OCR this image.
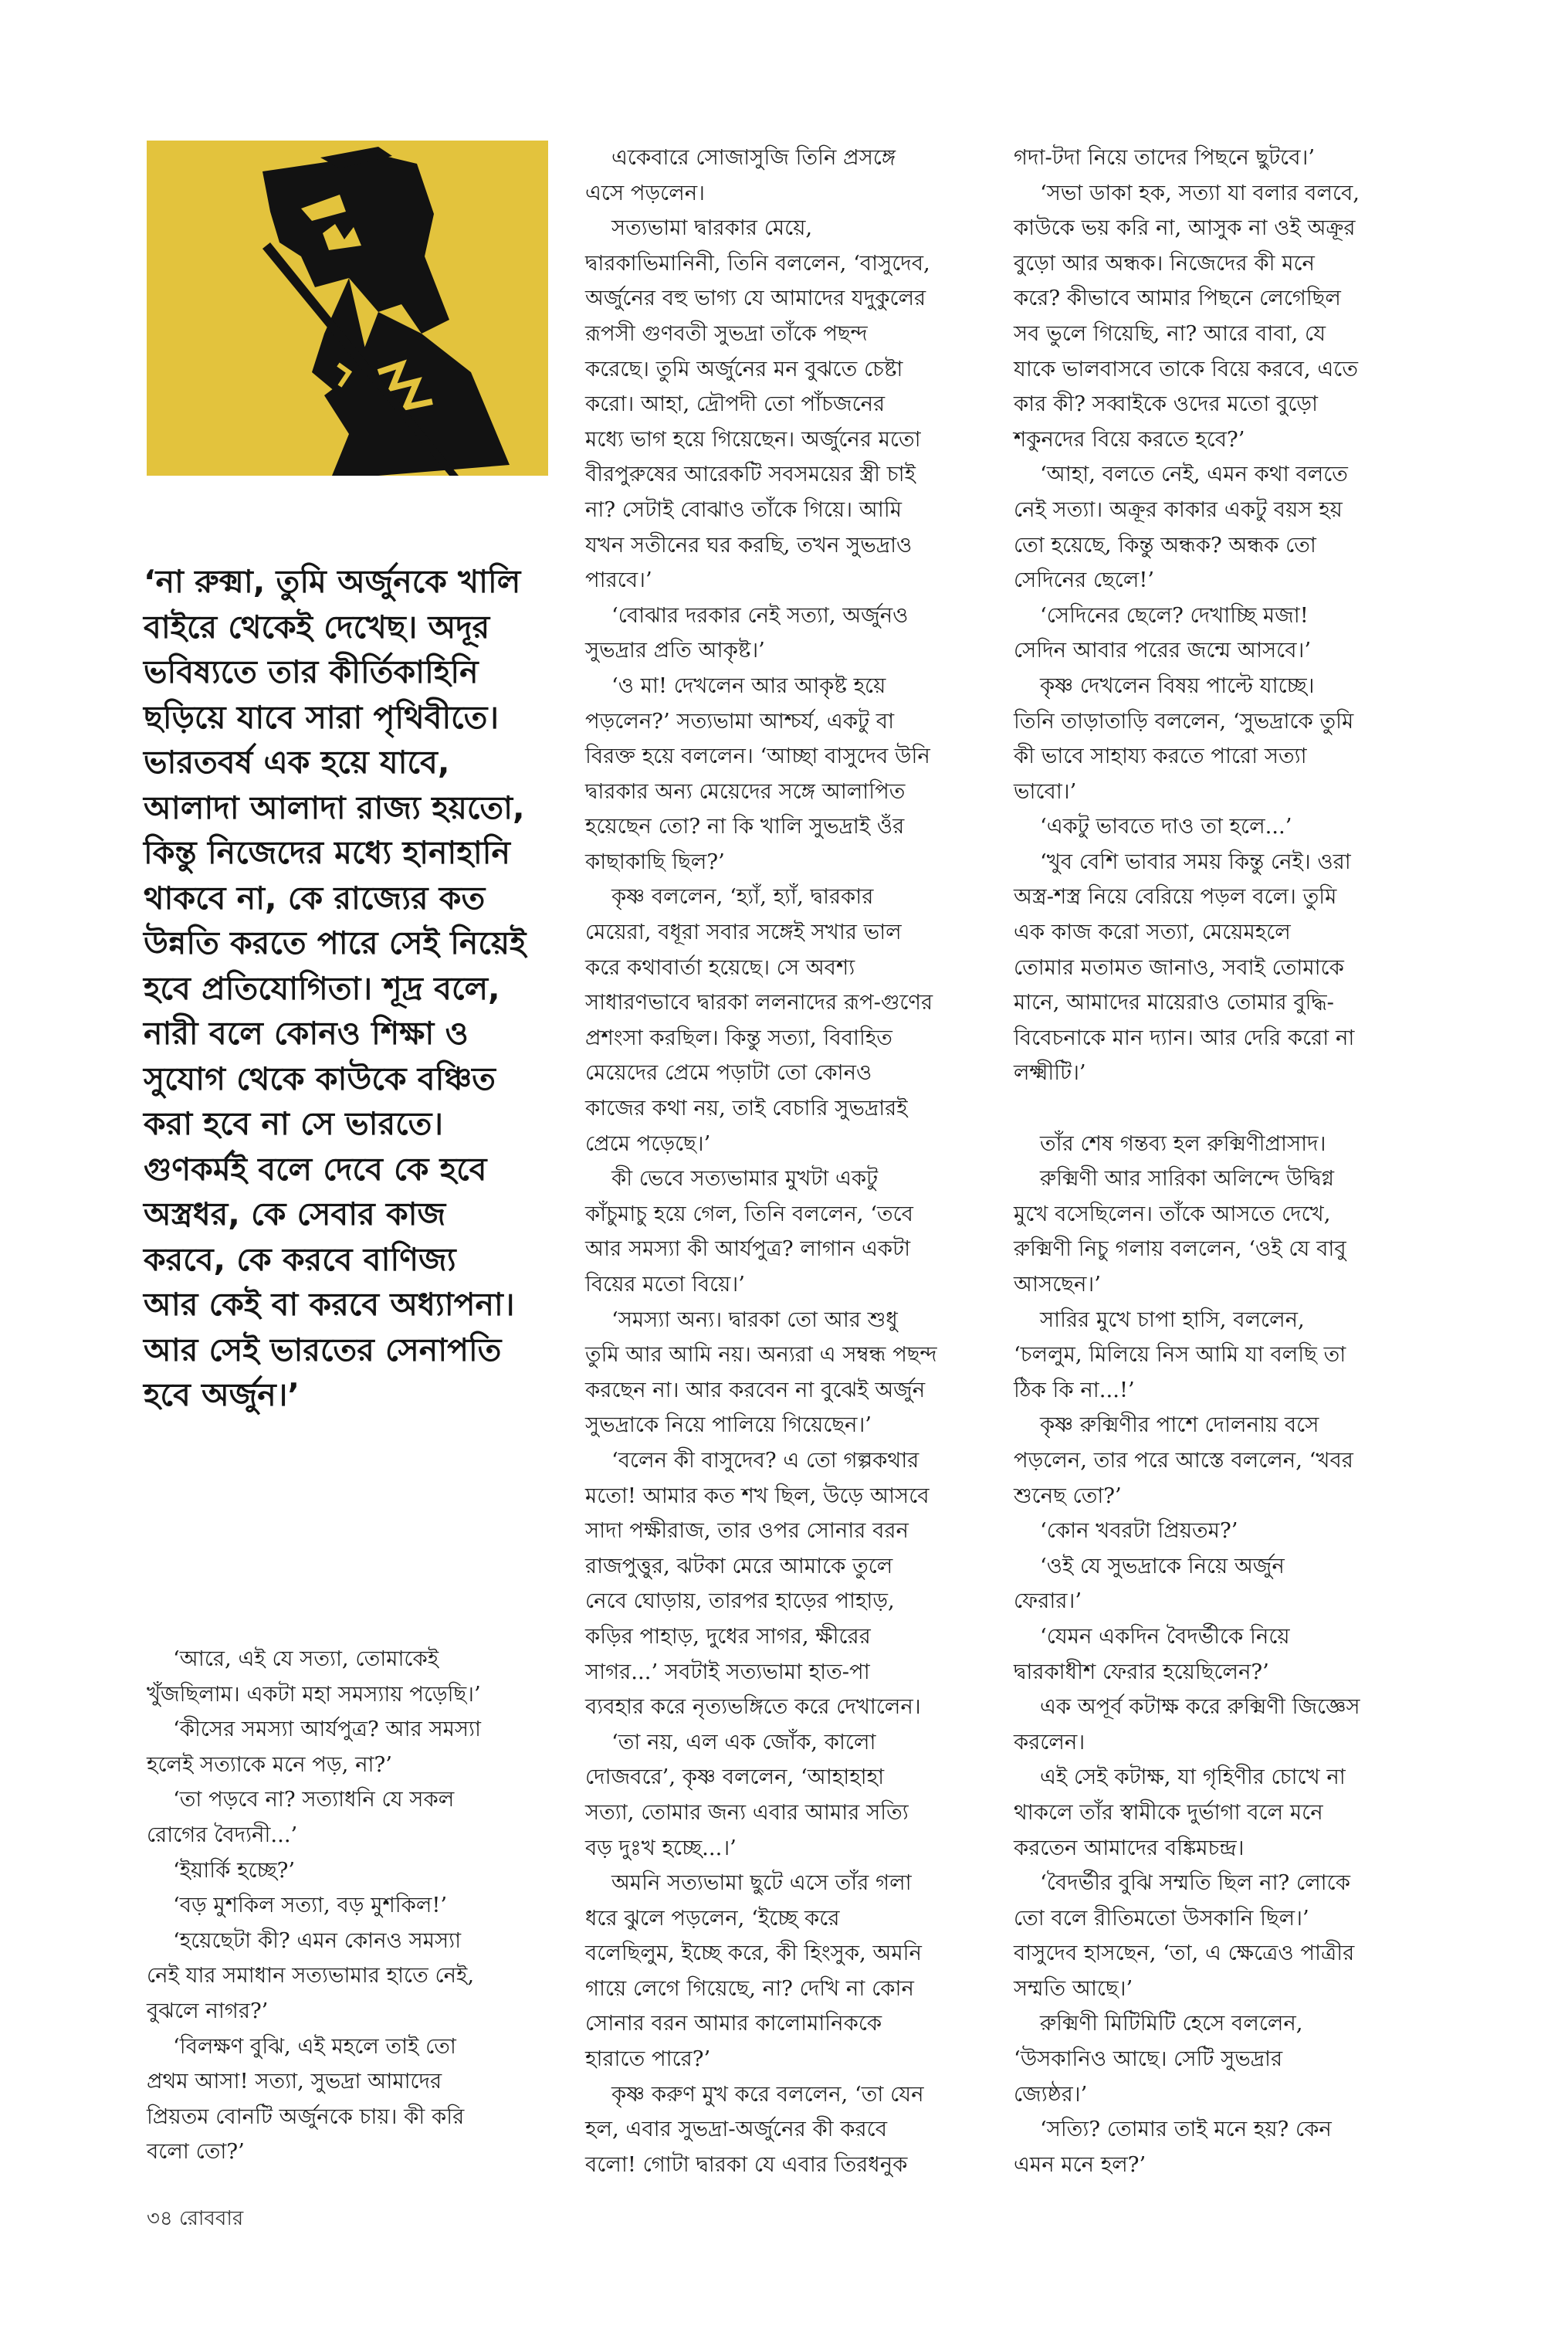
‘না রুক্মা, তুমি অর্জুনকে খালি
বাইরে থেকেই দেখেছ। অদূর
ভবিষ্যতে তার কীর্তিকাহিনি
ছড়িয়ে যাবে সারা পৃথিবীতে।
ভারতবর্ষ এক হয়ে যাবে,
আলাদা আলাদা রাজ্য হয়তো,
কিন্তু নিজেদের মধ্যে হানাহানি
থাকবে না, কে রাজ্যের কত
উন্নতি করতে পারে সেই নিয়েই
হবে প্রতিযোগিতা। শূদ্র বলে,
নারী বলে কোনও শিক্ষা ও
সুযোগ থেকে কাউকে বঞ্চিত
করা হবে না সে ভারতে।
গুণকর্মই বলে দেবে কে হবে
অস্ত্রধর, কে সেবার কাজ
করবে, কে করবে বাণিজ্য
আর কেই বা করবে অধ্যাপনা।
আর সেই ভারতের সেনাপতি
হবে অর্জুন।’
‘আরে, এই যে সত্যা, তোমাকেই
খুঁজছিলাম। একটা মহা সমস্যায় পড়েছি।’
‘কীসের সমস্যা আর্যপুত্র? আর সমস্যা
হলেই সত্যাকে মনে পড়, না?’
‘তা পড়বে না? সত্যাধনি যে সকল
রোগের বৈদ্যনী...’
‘ইয়ার্কি হচ্ছে?’
‘বড় মুশকিল সত্যা, বড় মুশকিল!’
‘হয়েছেটা কী? এমন কোনও সমস্যা
নেই যার সমাধান সত্যভামার হাতে নেই,
বুঝলে নাগর?’
‘বিলক্ষণ বুঝি, এই মহলে তাই তো
প্রথম আসা! সত্যা, সুভদ্রা আমাদের
প্রিয়তম বোনটি অর্জুনকে চায়। কী করি
বলো তো?’
একেবারে সোজাসুজি তিনি প্রসঙ্গে
এসে পড়লেন।
সত্যভামা দ্বারকার মেয়ে,
দ্বারকাভিমানিনী, তিনি বললেন, ‘বাসুদেব,
অর্জুনের বহু ভাগ্য যে আমাদের যদুকুলের
রূপসী গুণবতী সুভদ্রা তাঁকে পছন্দ
করেছে। তুমি অর্জুনের মন বুঝতে চেষ্টা
করো। আহা, দ্রৌপদী তো পাঁচজনের
মধ্যে ভাগ হয়ে গিয়েছেন। অর্জুনের মতো
বীরপুরুষের আরেকটি সবসময়ের স্ত্রী চাই
না? সেটাই বোঝাও তাঁকে গিয়ে। আমি
যখন সতীনের ঘর করছি, তখন সুভদ্রাও
পারবে।’
‘বোঝার দরকার নেই সত্যা, অর্জুনও
সুভদ্রার প্রতি আকৃষ্ট।’
‘ও মা! দেখলেন আর আকৃষ্ট হয়ে
পড়লেন?’ সত্যভামা আশ্চর্য, একটু বা
বিরক্ত হয়ে বললেন। ‘আচ্ছা বাসুদেব উনি
দ্বারকার অন্য মেয়েদের সঙ্গে আলাপিত
হয়েছেন তো? না কি খালি সুভদ্রাই ওঁর
কাছাকাছি ছিল?’
কৃষ্ণ বললেন, ‘হ্যাঁ, হ্যাঁ, দ্বারকার
মেয়েরা, বধূরা সবার সঙ্গেই সখার ভাল
করে কথাবার্তা হয়েছে। সে অবশ্য
সাধারণভাবে দ্বারকা ললনাদের রূপ-গুণের
প্রশংসা করছিল। কিন্তু সত্যা, বিবাহিত
মেয়েদের প্রেমে পড়াটা তো কোনও
কাজের কথা নয়, তাই বেচারি সুভদ্রারই
প্রেমে পড়েছে।’
কী ভেবে সত্যভামার মুখটা একটু
কাঁচুমাচু হয়ে গেল, তিনি বললেন, ‘তবে
আর সমস্যা কী আর্যপুত্র? লাগান একটা
বিয়ের মতো বিয়ে।’
‘সমস্যা অন্য। দ্বারকা তো আর শুধু
তুমি আর আমি নয়। অন্যরা এ সম্বন্ধ পছন্দ
করছেন না। আর করবেন না বুঝেই অর্জুন
সুভদ্রাকে নিয়ে পালিয়ে গিয়েছেন।’
‘বলেন কী বাসুদেব? এ তো গল্পকথার
মতো! আমার কত শখ ছিল, উড়ে আসবে
সাদা পক্ষীরাজ, তার ওপর সোনার বরন
রাজপুত্তুর, ঝটকা মেরে আমাকে তুলে
নেবে ঘোড়ায়, তারপর হাড়ের পাহাড়,
কড়ির পাহাড়, দুধের সাগর, ক্ষীরের
সাগর...’ সবটাই সত্যভামা হাত-পা
ব্যবহার করে নৃত্যভঙ্গিতে করে দেখালেন।
‘তা নয়, এল এক জোঁক, কালো
দোজবরে’, কৃষ্ণ বললেন, ‘আহাহাহা
সত্যা, তোমার জন্য এবার আমার সত্যি
বড় দুঃখ হচ্ছে...।’
অমনি সত্যভামা ছুটে এসে তাঁর গলা
ধরে ঝুলে পড়লেন, ‘ইচ্ছে করে
বলেছিলুম, ইচ্ছে করে, কী হিংসুক, অমনি
গায়ে লেগে গিয়েছে, না? দেখি না কোন
সোনার বরন আমার কালোমানিককে
হারাতে পারে?’
কৃষ্ণ করুণ মুখ করে বললেন, ‘তা যেন
হল, এবার সুভদ্রা-অর্জুনের কী করবে
বলো! গোটা দ্বারকা যে এবার তিরধনুক
গদা-টদা নিয়ে তাদের পিছনে ছুটবে।’
‘সভা ডাকা হক, সত্যা যা বলার বলবে,
কাউকে ভয় করি না, আসুক না ওই অক্রূর
বুড়ো আর অন্ধক। নিজেদের কী মনে
করে? কীভাবে আমার পিছনে লেগেছিল
সব ভুলে গিয়েছি, না? আরে বাবা, যে
যাকে ভালবাসবে তাকে বিয়ে করবে, এতে
কার কী? সব্বাইকে ওদের মতো বুড়ো
শকুনদের বিয়ে করতে হবে?’
‘আহা, বলতে নেই, এমন কথা বলতে
নেই সত্যা। অক্রূর কাকার একটু বয়স হয়
তো হয়েছে, কিন্তু অন্ধক? অন্ধক তো
সেদিনের ছেলে!’
‘সেদিনের ছেলে? দেখাচ্ছি মজা!
সেদিন আবার পরের জন্মে আসবে।’
কৃষ্ণ দেখলেন বিষয় পাল্টে যাচ্ছে।
তিনি তাড়াতাড়ি বললেন, ‘সুভদ্রাকে তুমি
কী ভাবে সাহায্য করতে পারো সত্যা
ভাবো।’
‘একটু ভাবতে দাও তা হলে...’
‘খুব বেশি ভাবার সময় কিন্তু নেই। ওরা
অস্ত্র-শস্ত্র নিয়ে বেরিয়ে পড়ল বলে। তুমি
এক কাজ করো সত্যা, মেয়েমহলে
তোমার মতামত জানাও, সবাই তোমাকে
মানে, আমাদের মায়েরাও তোমার বুদ্ধি-
বিবেচনাকে মান দ্যান। আর দেরি করো না
লক্ষ্মীটি।’
তাঁর শেষ গন্তব্য হল রুক্মিণীপ্রাসাদ।
রুক্মিণী আর সারিকা অলিন্দে উদ্বিগ্ন
মুখে বসেছিলেন। তাঁকে আসতে দেখে,
রুক্মিণী নিচু গলায় বললেন, ‘ওই যে বাবু
আসছেন।’
সারির মুখে চাপা হাসি, বললেন,
‘চললুম, মিলিয়ে নিস আমি যা বলছি তা
ঠিক কি না...!’
কৃষ্ণ রুক্মিণীর পাশে দোলনায় বসে
পড়লেন, তার পরে আস্তে বললেন, ‘খবর
শুনেছ তো?’
‘কোন খবরটা প্রিয়তম?’
‘ওই যে সুভদ্রাকে নিয়ে অর্জুন
ফেরার।’
‘যেমন একদিন বৈদর্ভীকে নিয়ে
দ্বারকাধীশ ফেরার হয়েছিলেন?’
এক অপূর্ব কটাক্ষ করে রুক্মিণী জিজ্ঞেস
করলেন।
এই সেই কটাক্ষ, যা গৃহিণীর চোখে না
থাকলে তাঁর স্বামীকে দুর্ভাগা বলে মনে
করতেন আমাদের বঙ্কিমচন্দ্র।
‘বৈদর্ভীর বুঝি সম্মতি ছিল না? লোকে
তো বলে রীতিমতো উসকানি ছিল।’
বাসুদেব হাসছেন, ‘তা, এ ক্ষেত্রেও পাত্রীর
সম্মতি আছে।’
রুক্মিণী মিটিমিটি হেসে বললেন,
‘উসকানিও আছে। সেটি সুভদ্রার
জ্যেষ্ঠর।’
‘সত্যি? তোমার তাই মনে হয়? কেন
এমন মনে হল?’
৩৪ রোববার
